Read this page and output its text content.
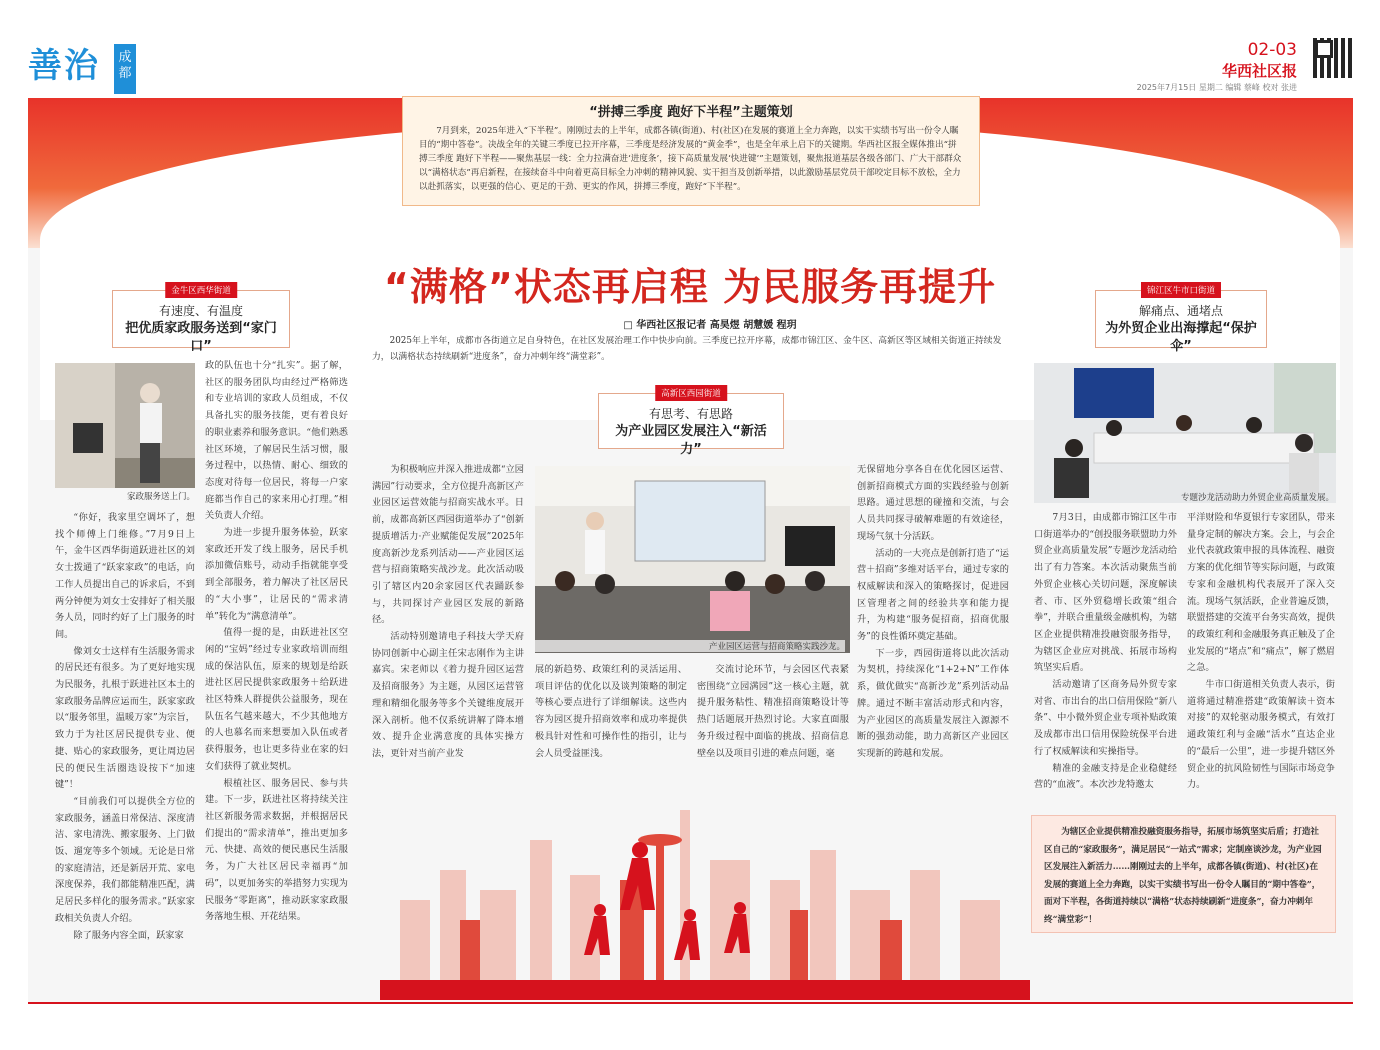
善治	成都
02-03
华西社区报
2025年7月15日 星期二 编辑 蔡峰 校对 张进
“拼搏三季度 跑好下半程”主题策划
7月到来，2025年进入“下半程”。刚刚过去的上半年，成都各镇(街道)、村(社区)在发展的赛道上全力奔跑，以实干实绩书写出一份令人瞩目的“期中答卷”。决战全年的关键三季度已拉开序幕，三季度是经济发展的“黄金季”，也是全年承上启下的关键期。华西社区报全媒体推出“拼搏三季度 跑好下半程——聚焦基层一线：全力拉满奋进‘进度条’，接下高质量发展‘快进键’”主题策划，聚焦报道基层各级各部门、广大干部群众以“满格状态”再启新程，在接续奋斗中向着更高目标全力冲刺的精神风貌、实干担当及创新举措，以此激励基层党员干部咬定目标不放松，全力以赴抓落实，以更强的信心、更足的干劲、更实的作风，拼搏三季度，跑好“下半程”。
“满格”状态再启程 为民服务再提升
□ 华西社区报记者 高昊煜 胡慧媛 程玥
2025年上半年，成都市各街道立足自身特色，在社区发展治理工作中快步向前。三季度已拉开序幕，成都市锦江区、金牛区、高新区等区域相关街道正持续发力，以满格状态持续刷新“进度条”，奋力冲刺年终“满堂彩”。
金牛区西华街道
有速度、有温度
把优质家政服务送到“家门口”
家政服务送上门。

“你好，我家里空调坏了，想找个师傅上门维修。”7月9日上午，金牛区西华街道跃进社区的刘女士拨通了“跃家家政”的电话，向工作人员提出自己的诉求后，不到两分钟便为刘女士安排好了相关服务人员，同时约好了上门服务的时间。

像刘女士这样有生活服务需求的居民还有很多。为了更好地实现为民服务，扎根于跃进社区本土的家政服务品牌应运而生，跃家家政以“服务邻里，温暖万家”为宗旨，致力于为社区居民提供专业、便捷、贴心的家政服务，更让周边居民的便民生活圈迭设按下“加速键”！

“目前我们可以提供全方位的家政服务，涵盖日常保洁、深度清洁、家电清洗、搬家服务、上门做饭、遛宠等多个领域。无论是日常的家庭清洁，还是新居开荒、家电深度保养，我们都能精准匹配，满足居民多样化的服务需求。”跃家家政相关负责人介绍。

除了服务内容全面，跃家家

政的队伍也十分“扎实”。据了解，社区的服务团队均由经过严格筛选和专业培训的家政人员组成，不仅具备扎实的服务技能，更有着良好的职业素养和服务意识。“他们熟悉社区环境，了解居民生活习惯，服务过程中，以热情、耐心、细致的态度对待每一位居民，将每一户家庭都当作自己的家来用心打理。”相关负责人介绍。

为进一步提升服务体验，跃家家政还开发了线上服务，居民手机添加微信账号，动动手指就能享受到全部服务，着力解决了社区居民的“大小事”，让居民的“需求清单”转化为“满意清单”。

值得一提的是，由跃进社区空闲的“宝妈”经过专业家政培训而组成的保洁队伍，原来的规划是给跃进社区居民提供家政服务＋给跃进社区特殊人群提供公益服务，现在队伍名气越来越大，不少其他地方的人也慕名而来想要加入队伍或者获得服务，也让更多待业在家的妇女们获得了就业契机。

根植社区、服务居民、参与共建。下一步，跃进社区将持续关注社区新服务需求数据，并根据居民们提出的“需求清单”，推出更加多元、快捷、高效的便民惠民生活服务，为广大社区居民幸福再“加码”，以更加务实的举措努力实现为民服务“零距离”，推动跃家家政服务落地生根、开花结果。

高新区西园街道
有思考、有思路
为产业园区发展注入“新活力”

为积极响应并深入推进成都“立园满园”行动要求，全方位提升高新区产业园区运营效能与招商实战水平。日前，成都高新区西园街道举办了“创新提质增活力·产业赋能促发展”2025年度高新沙龙系列活动——产业园区运营与招商策略实战沙龙。此次活动吸引了辖区内20余家园区代表踊跃参与，共同探讨产业园区发展的新路径。

活动特别邀请电子科技大学天府协同创新中心副主任宋志刚作为主讲嘉宾。宋老师以《着力提升园区运营及招商服务》为主题，从园区运营管理和精细化服务等多个关键维度展开深入剖析。他不仅系统讲解了降本增效、提升企业满意度的具体实操方法，更针对当前产业发

产业园区运营与招商策略实践沙龙。

展的新趋势、政策红利的灵活运用、项目评估的优化以及谈判策略的制定等核心要点进行了详细解读。这些内容为园区提升招商效率和成功率提供极具针对性和可操作性的指引，让与会人员受益匪浅。

交流讨论环节，与会园区代表紧密围绕“立园满园”这一核心主题，就提升服务粘性、精准招商策略设计等热门话题展开热烈讨论。大家直面服务升级过程中面临的挑战、招商信息壁垒以及项目引进的难点问题，毫

无保留地分享各自在优化园区运营、创新招商模式方面的实践经验与创新思路。通过思想的碰撞和交流，与会人员共同探寻破解难题的有效途径，现场气氛十分活跃。

活动的一大亮点是创新打造了“运营＋招商”多维对话平台，通过专家的权威解读和深入的策略探讨，促进园区管理者之间的经验共享和能力提升，为构建“服务促招商，招商优服务”的良性循环奠定基础。

下一步，西园街道将以此次活动为契机，持续深化“1+2+N”工作体系，做优做实“高新沙龙”系列活动品牌。通过不断丰富活动形式和内容，为产业园区的高质量发展注入源源不断的强劲动能，助力高新区产业园区实现新的跨越和发展。

锦江区牛市口街道
解痛点、通堵点
为外贸企业出海撑起“保护伞”
专题沙龙活动助力外贸企业高质量发展。

7月3日，由成都市锦江区牛市口街道举办的“创投服务联盟助力外贸企业高质量发展”专题沙龙活动给出了有力答案。本次活动聚焦当前外贸企业核心关切问题，深度解读者、市、区外贸稳增长政策“组合拳”，并联合重量级金融机构，为辖区企业提供精准投融资服务指导，为辖区企业应对挑战、拓展市场构筑坚实后盾。

活动邀请了区商务局外贸专家对省、市出台的出口信用保险“新八条”、中小微外贸企业专项补贴政策及成都市出口信用保险统保平台进行了权威解读和实操指导。

精准的金融支持是企业稳健经营的“血液”。本次沙龙特邀太

平洋财险和华夏银行专家团队，带来量身定制的解决方案。会上，与会企业代表就政策申报的具体流程、融资方案的优化细节等实际问题，与政策专家和金融机构代表展开了深入交流。现场气氛活跃，企业普遍反馈，联盟搭建的交流平台务实高效，提供的政策红利和金融服务真正触及了企业发展的“堵点”和“痛点”，解了燃眉之急。

牛市口街道相关负责人表示，街道将通过精准搭建“政策解读＋资本对接”的双轮驱动服务模式，有效打通政策红利与金融“活水”直达企业的“最后一公里”，进一步提升辖区外贸企业的抗风险韧性与国际市场竞争力。

为辖区企业提供精准投融资服务指导，拓展市场筑坚实后盾；打造社区自己的“家政服务”，满足居民“一站式”需求；定制座谈沙龙，为产业园区发展注入新活力……刚刚过去的上半年，成都各镇(街道)、村(社区)在发展的赛道上全力奔跑，以实干实绩书写出一份令人瞩目的“期中答卷”，面对下半程，各街道持续以“满格”状态持续刷新“进度条”，奋力冲刺年终“满堂彩”！
